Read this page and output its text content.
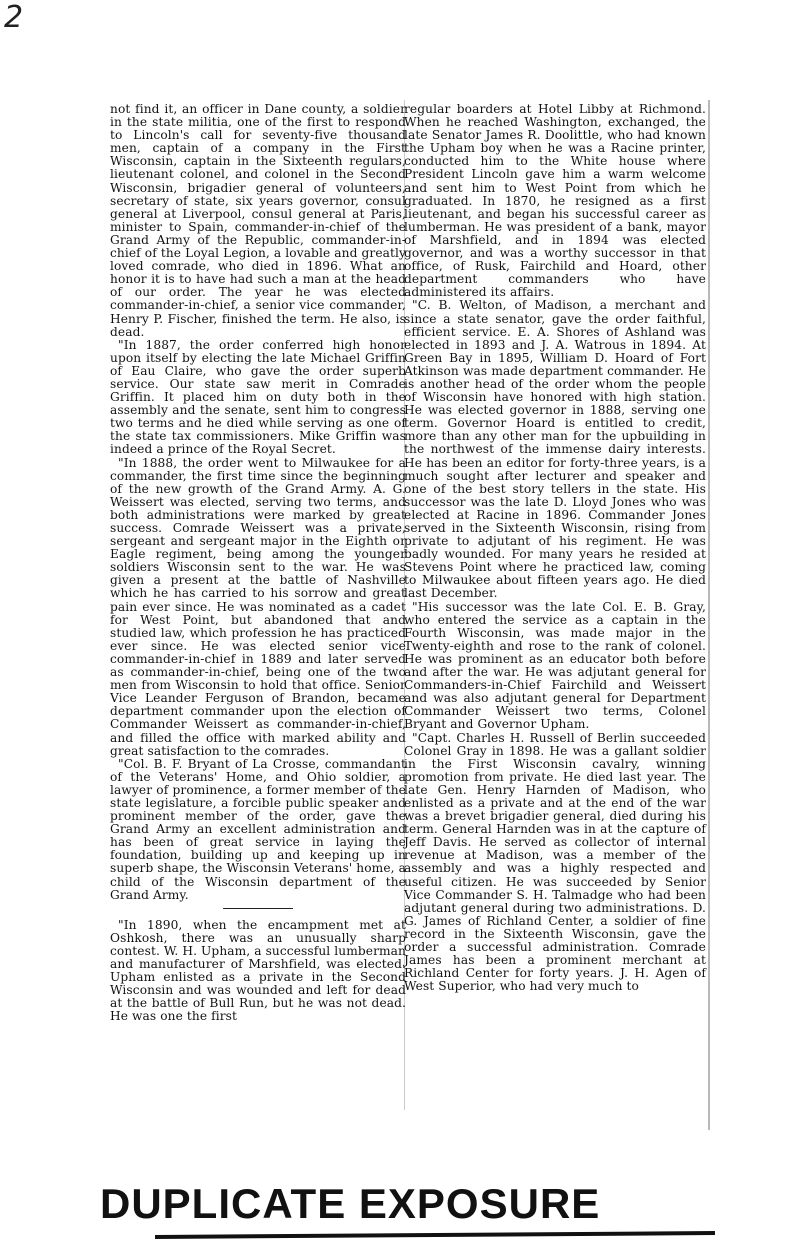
2

not find it, an officer in Dane county, a soldier in the state militia, one of the first to respond to Lincoln's call for seventy-five thousand men, captain of a company in the First Wisconsin, captain in the Sixteenth regulars, lieutenant colonel, and colonel in the Second Wisconsin, brigadier general of volunteers, secretary of state, six years governor, consul general at Liverpool, consul general at Paris, minister to Spain, commander-in-chief of the Grand Army of the Republic, commander-in-chief of the Loyal Legion, a lovable and greatly loved comrade, who died in 1896. What an honor it is to have had such a man at the head of our order. The year he was elected commander-in-chief, a senior vice commander, Henry P. Fischer, finished the term. He also, is dead.

"In 1887, the order conferred high honor upon itself by electing the late Michael Griffin of Eau Claire, who gave the order superb service. Our state saw merit in Comrade Griffin. It placed him on duty both in the assembly and the senate, sent him to congress two terms and he died while serving as one of the state tax commissioners. Mike Griffin was indeed a prince of the Royal Secret.

"In 1888, the order went to Milwaukee for a commander, the first time since the beginning of the new growth of the Grand Army. A. G. Weissert was elected, serving two terms, and both administrations were marked by great success. Comrade Weissert was a private, sergeant and sergeant major in the Eighth or Eagle regiment, being among the younger soldiers Wisconsin sent to the war. He was given a present at the battle of Nashville which he has carried to his sorrow and great pain ever since. He was nominated as a cadet for West Point, but abandoned that and studied law, which profession he has practiced ever since. He was elected senior vice commander-in-chief in 1889 and later served as commander-in-chief, being one of the two men from Wisconsin to hold that office. Senior Vice Leander Ferguson of Brandon, became department commander upon the election of Commander Weissert as commander-in-chief, and filled the office with marked ability and great satisfaction to the comrades.

"Col. B. F. Bryant of La Crosse, commandant of the Veterans' Home, and Ohio soldier, a lawyer of prominence, a former member of the state legislature, a forcible public speaker and prominent member of the order, gave the Grand Army an excellent administration and has been of great service in laying the foundation, building up and keeping up in superb shape, the Wisconsin Veterans' home, a child of the Wisconsin department of the Grand Army.

"In 1890, when the encampment met at Oshkosh, there was an unusually sharp contest. W. H. Upham, a successful lumberman and manufacturer of Marshfield, was elected. Upham enlisted as a private in the Second Wisconsin and was wounded and left for dead at the battle of Bull Run, but he was not dead. He was one the first

regular boarders at Hotel Libby at Richmond. When he reached Washington, exchanged, the late Senator James R. Doolittle, who had known the Upham boy when he was a Racine printer, conducted him to the White house where President Lincoln gave him a warm welcome and sent him to West Point from which he graduated. In 1870, he resigned as a first lieutenant, and began his successful career as lumberman. He was president of a bank, mayor of Marshfield, and in 1894 was elected governor, and was a worthy successor in that office, of Rusk, Fairchild and Hoard, other department commanders who have administered its affairs.

"C. B. Welton, of Madison, a merchant and since a state senator, gave the order faithful, efficient service. E. A. Shores of Ashland was elected in 1893 and J. A. Watrous in 1894. At Green Bay in 1895, William D. Hoard of Fort Atkinson was made department commander. He is another head of the order whom the people of Wisconsin have honored with high station. He was elected governor in 1888, serving one term. Governor Hoard is entitled to credit, more than any other man for the upbuilding in the northwest of the immense dairy interests. He has been an editor for forty-three years, is a much sought after lecturer and speaker and one of the best story tellers in the state. His successor was the late D. Lloyd Jones who was elected at Racine in 1896. Commander Jones served in the Sixteenth Wisconsin, rising from private to adjutant of his regiment. He was badly wounded. For many years he resided at Stevens Point where he practiced law, coming to Milwaukee about fifteen years ago. He died last December.

"His successor was the late Col. E. B. Gray, who entered the service as a captain in the Fourth Wisconsin, was made major in the Twenty-eighth and rose to the rank of colonel. He was prominent as an educator both before and after the war. He was adjutant general for Commanders-in-Chief Fairchild and Weissert and was also adjutant general for Department Commander Weissert two terms, Colonel Bryant and Governor Upham.

"Capt. Charles H. Russell of Berlin succeeded Colonel Gray in 1898. He was a gallant soldier in the First Wisconsin cavalry, winning promotion from private. He died last year. The late Gen. Henry Harnden of Madison, who enlisted as a private and at the end of the war was a brevet brigadier general, died during his term. General Harnden was in at the capture of Jeff Davis. He served as collector of internal revenue at Madison, was a member of the assembly and was a highly respected and useful citizen. He was succeeded by Senior Vice Commander S. H. Talmadge who had been adjutant general during two administrations. D. G. James of Richland Center, a soldier of fine record in the Sixteenth Wisconsin, gave the order a successful administration. Comrade James has been a prominent merchant at Richland Center for forty years. J. H. Agen of West Superior, who had very much to

DUPLICATE EXPOSURE
